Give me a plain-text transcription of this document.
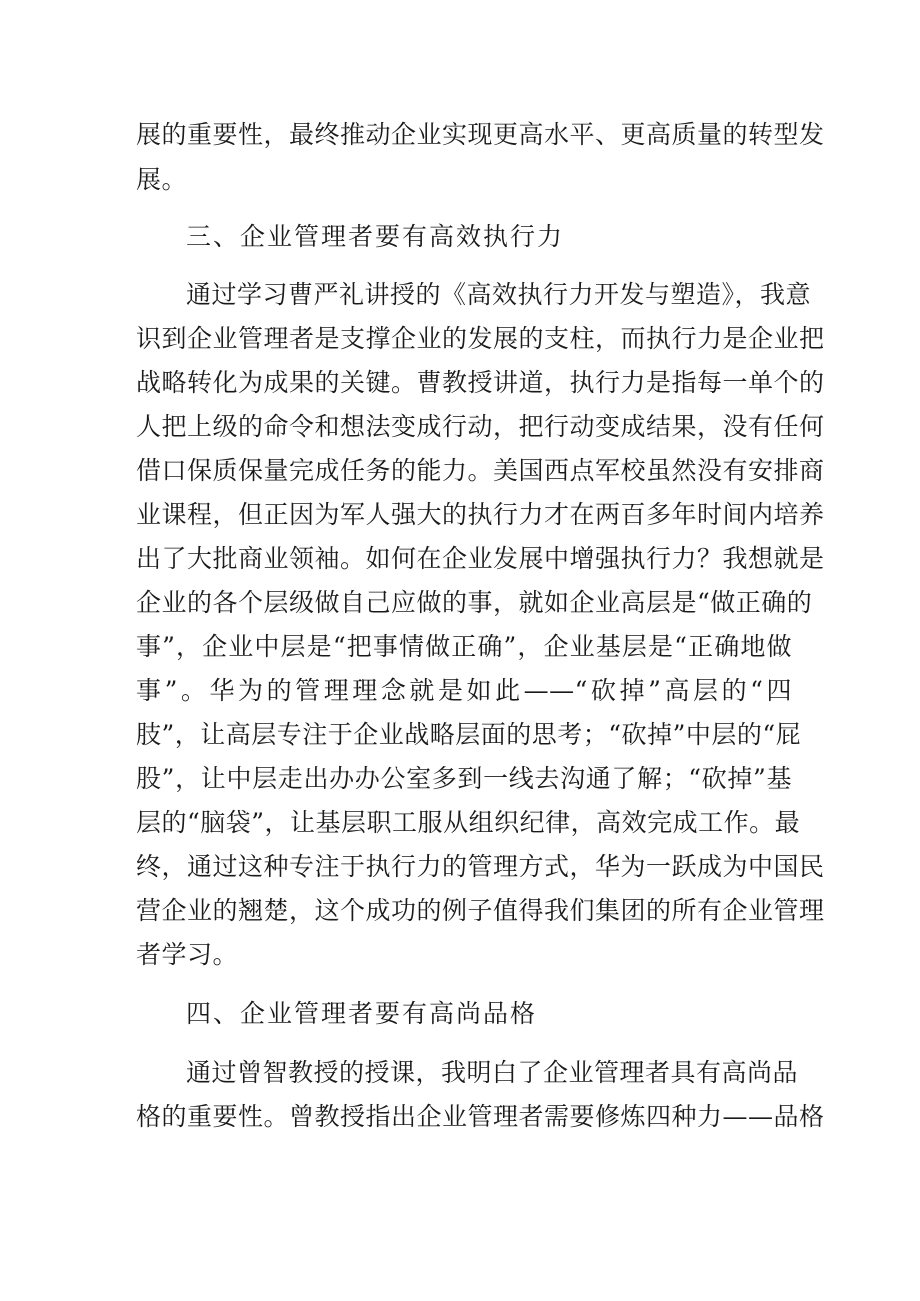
展的重要性，最终推动企业实现更高水平、更高质量的转型发

展。

三、企业管理者要有高效执行力

通过学习曹严礼讲授的《高效执行力开发与塑造》，我意

识到企业管理者是支撑企业的发展的支柱，而执行力是企业把

战略转化为成果的关键。曹教授讲道，执行力是指每一单个的

人把上级的命令和想法变成行动，把行动变成结果，没有任何

借口保质保量完成任务的能力。美国西点军校虽然没有安排商

业课程，但正因为军人强大的执行力才在两百多年时间内培养

出了大批商业领袖。如何在企业发展中增强执行力？我想就是

企业的各个层级做自己应做的事，就如企业高层是“做正确的

事”，企业中层是“把事情做正确”，企业基层是“正确地做

事”。华为的管理理念就是如此——“砍掉”高层的“四

肢”，让高层专注于企业战略层面的思考；“砍掉”中层的“屁

股”，让中层走出办办公室多到一线去沟通了解；“砍掉”基

层的“脑袋”，让基层职工服从组织纪律，高效完成工作。最

终，通过这种专注于执行力的管理方式，华为一跃成为中国民

营企业的翘楚，这个成功的例子值得我们集团的所有企业管理

者学习。

四、企业管理者要有高尚品格

通过曾智教授的授课，我明白了企业管理者具有高尚品

格的重要性。曾教授指出企业管理者需要修炼四种力——品格
